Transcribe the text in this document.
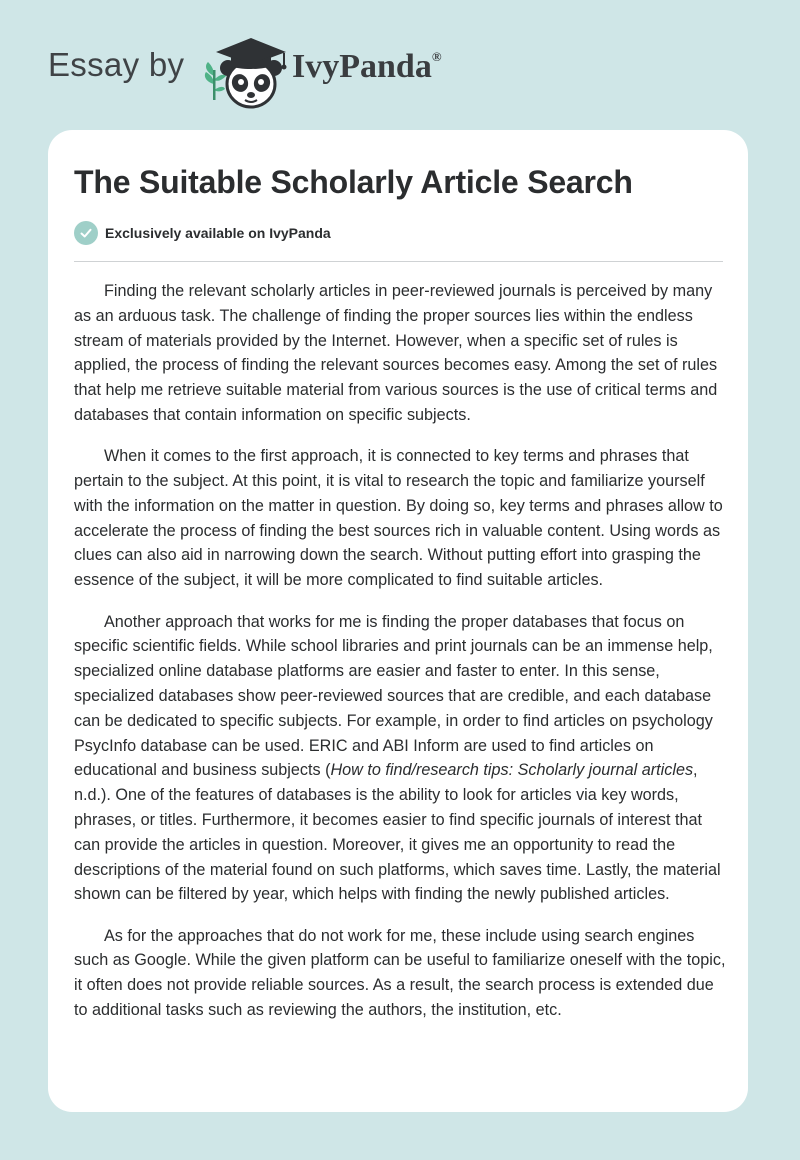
Essay by	IvyPanda®
The Suitable Scholarly Article Search
Exclusively available on IvyPanda

Finding the relevant scholarly articles in peer-reviewed journals is perceived by many as an arduous task. The challenge of finding the proper sources lies within the endless stream of materials provided by the Internet. However, when a specific set of rules is applied, the process of finding the relevant sources becomes easy. Among the set of rules that help me retrieve suitable material from various sources is the use of critical terms and databases that contain information on specific subjects.

When it comes to the first approach, it is connected to key terms and phrases that pertain to the subject. At this point, it is vital to research the topic and familiarize yourself with the information on the matter in question. By doing so, key terms and phrases allow to accelerate the process of finding the best sources rich in valuable content. Using words as clues can also aid in narrowing down the search. Without putting effort into grasping the essence of the subject, it will be more complicated to find suitable articles.

Another approach that works for me is finding the proper databases that focus on specific scientific fields. While school libraries and print journals can be an immense help, specialized online database platforms are easier and faster to enter. In this sense, specialized databases show peer-reviewed sources that are credible, and each database can be dedicated to specific subjects. For example, in order to find articles on psychology PsycInfo database can be used. ERIC and ABI Inform are used to find articles on educational and business subjects (How to find/research tips: Scholarly journal articles, n.d.). One of the features of databases is the ability to look for articles via key words, phrases, or titles. Furthermore, it becomes easier to find specific journals of interest that can provide the articles in question. Moreover, it gives me an opportunity to read the descriptions of the material found on such platforms, which saves time. Lastly, the material shown can be filtered by year, which helps with finding the newly published articles.

As for the approaches that do not work for me, these include using search engines such as Google. While the given platform can be useful to familiarize oneself with the topic, it often does not provide reliable sources. As a result, the search process is extended due to additional tasks such as reviewing the authors, the institution, etc.
